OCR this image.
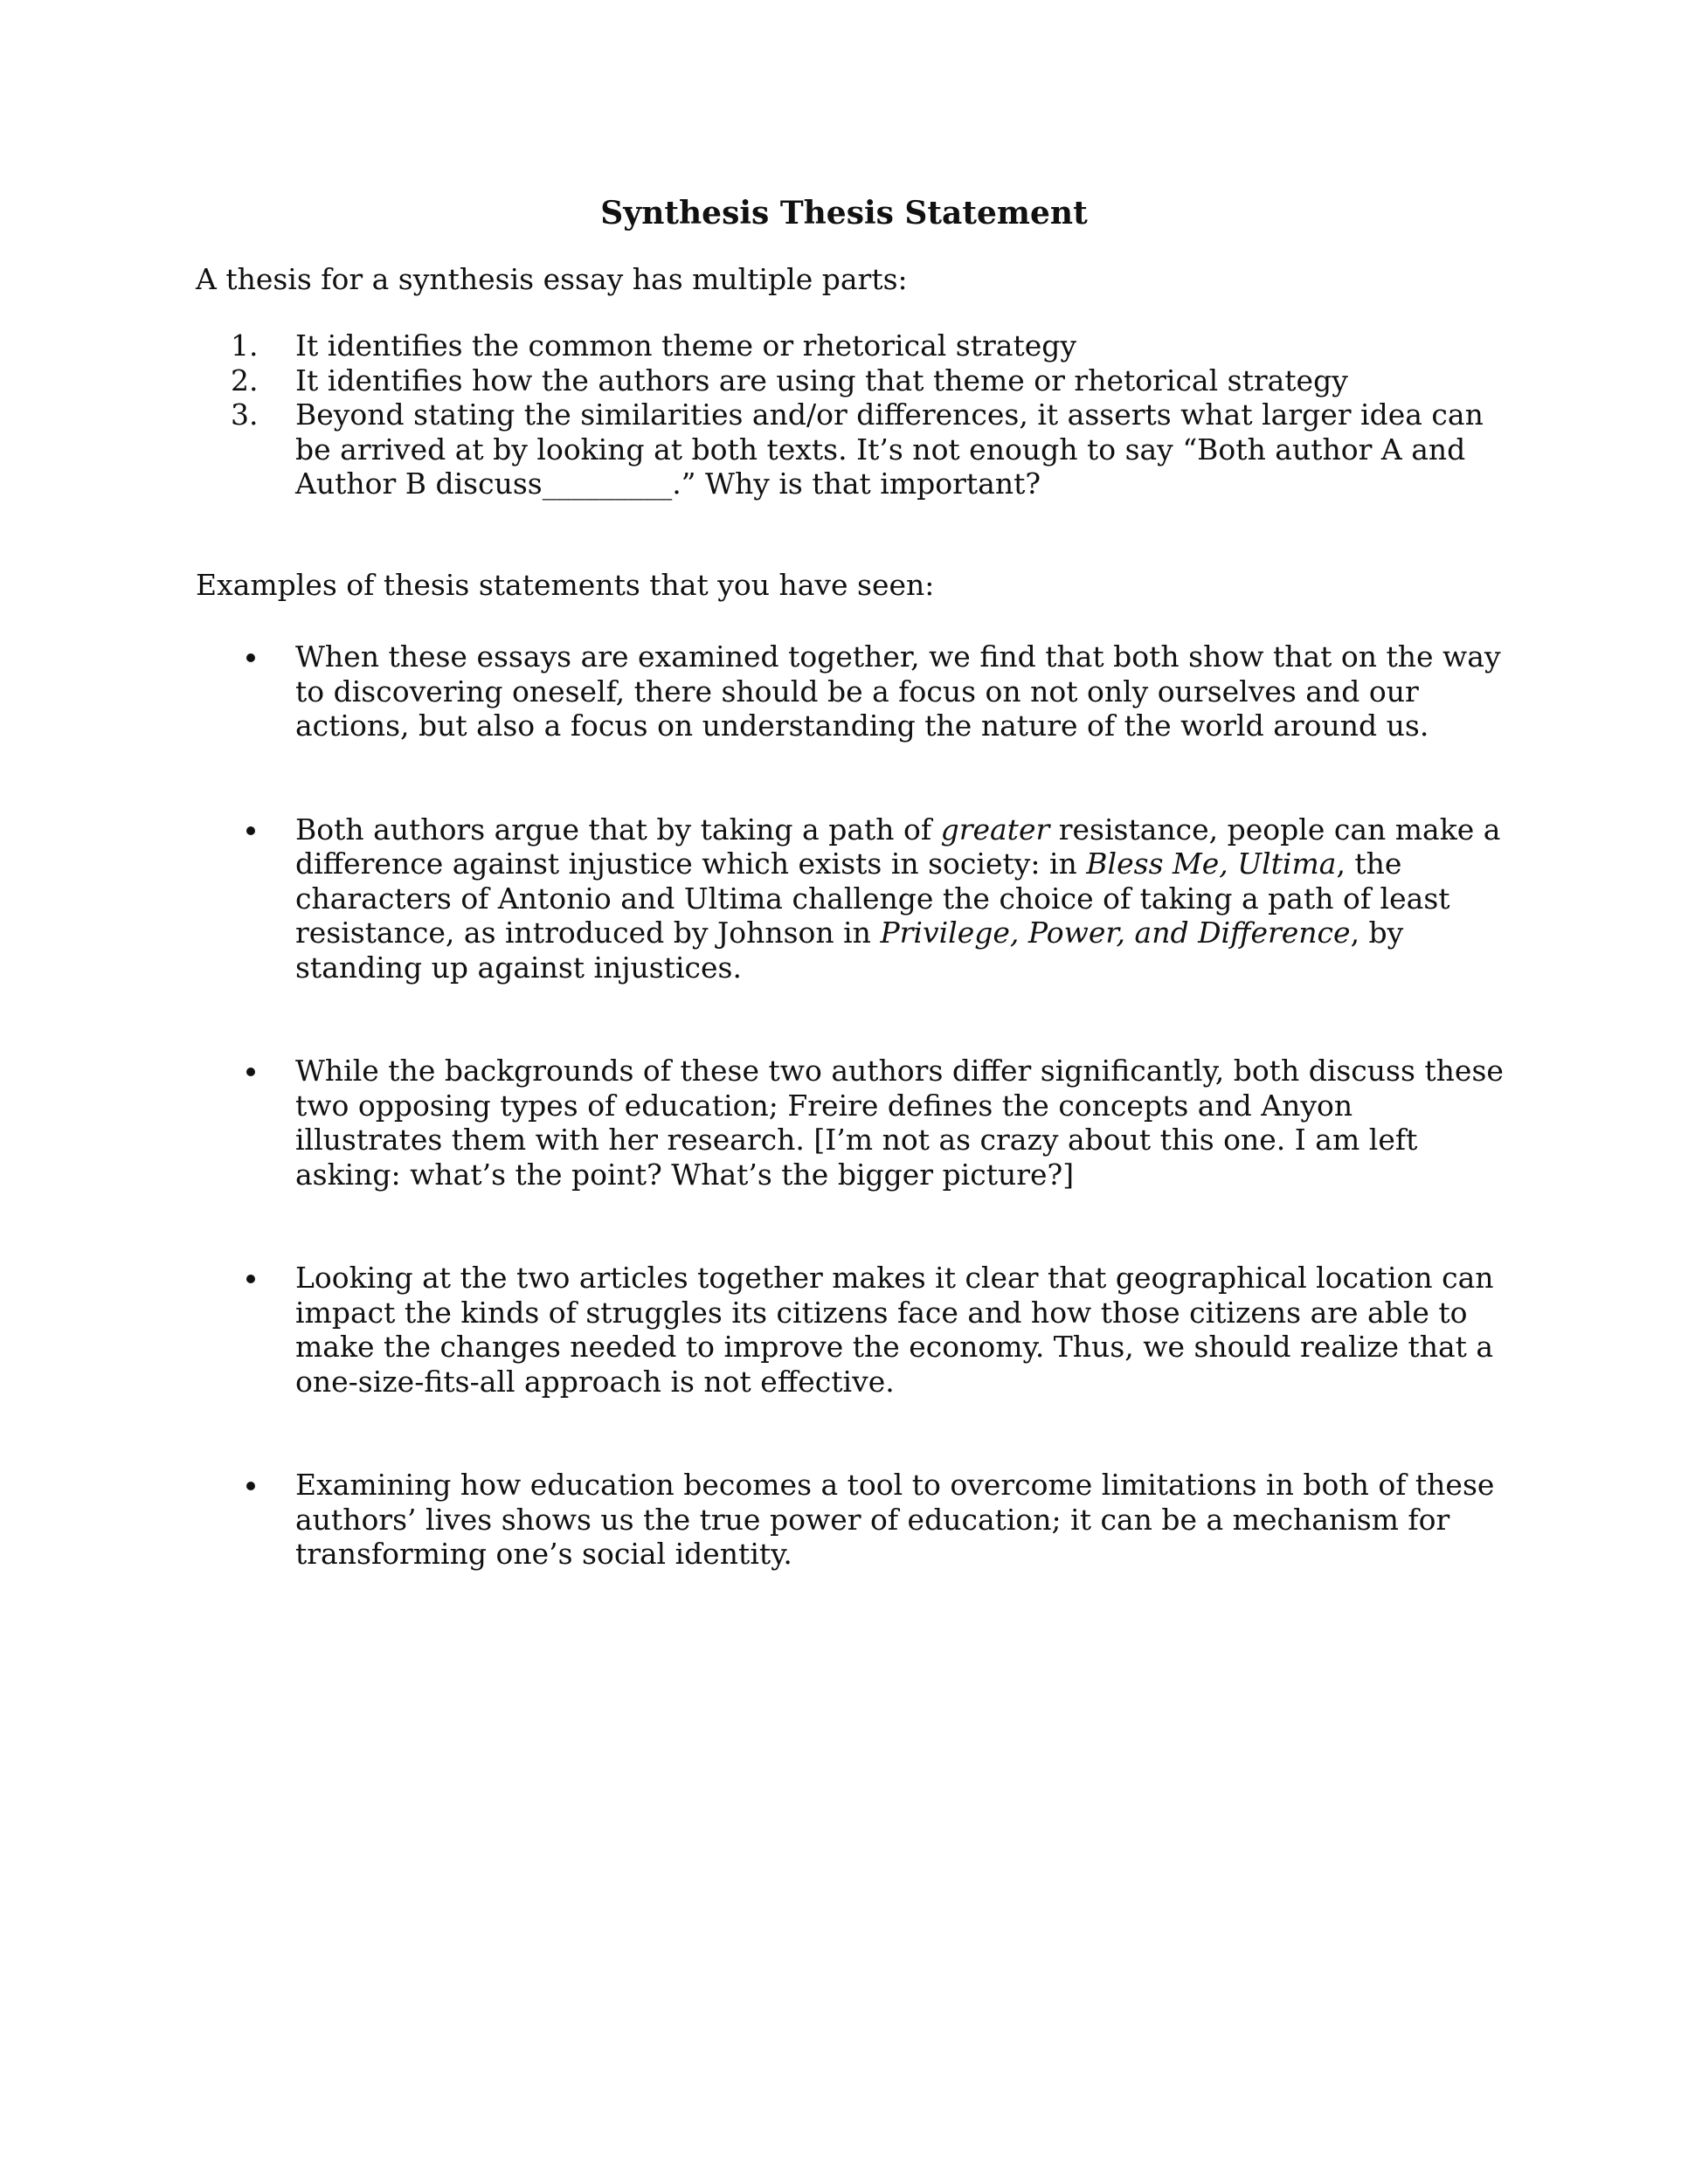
Synthesis Thesis Statement

A thesis for a synthesis essay has multiple parts:

1. It identifies the common theme or rhetorical strategy
2. It identifies how the authors are using that theme or rhetorical strategy
3. Beyond stating the similarities and/or differences, it asserts what larger idea can be arrived at by looking at both texts. It’s not enough to say “Both author A and Author B discuss_________.” Why is that important?

Examples of thesis statements that you have seen:

When these essays are examined together, we find that both show that on the way to discovering oneself, there should be a focus on not only ourselves and our actions, but also a focus on understanding the nature of the world around us.
Both authors argue that by taking a path of greater resistance, people can make a difference against injustice which exists in society: in Bless Me, Ultima, the characters of Antonio and Ultima challenge the choice of taking a path of least resistance, as introduced by Johnson in Privilege, Power, and Difference, by standing up against injustices.
While the backgrounds of these two authors differ significantly, both discuss these two opposing types of education; Freire defines the concepts and Anyon illustrates them with her research. [I’m not as crazy about this one. I am left asking: what’s the point? What’s the bigger picture?]
Looking at the two articles together makes it clear that geographical location can impact the kinds of struggles its citizens face and how those citizens are able to make the changes needed to improve the economy. Thus, we should realize that a one-size-fits-all approach is not effective.
Examining how education becomes a tool to overcome limitations in both of these authors’ lives shows us the true power of education; it can be a mechanism for transforming one’s social identity.
